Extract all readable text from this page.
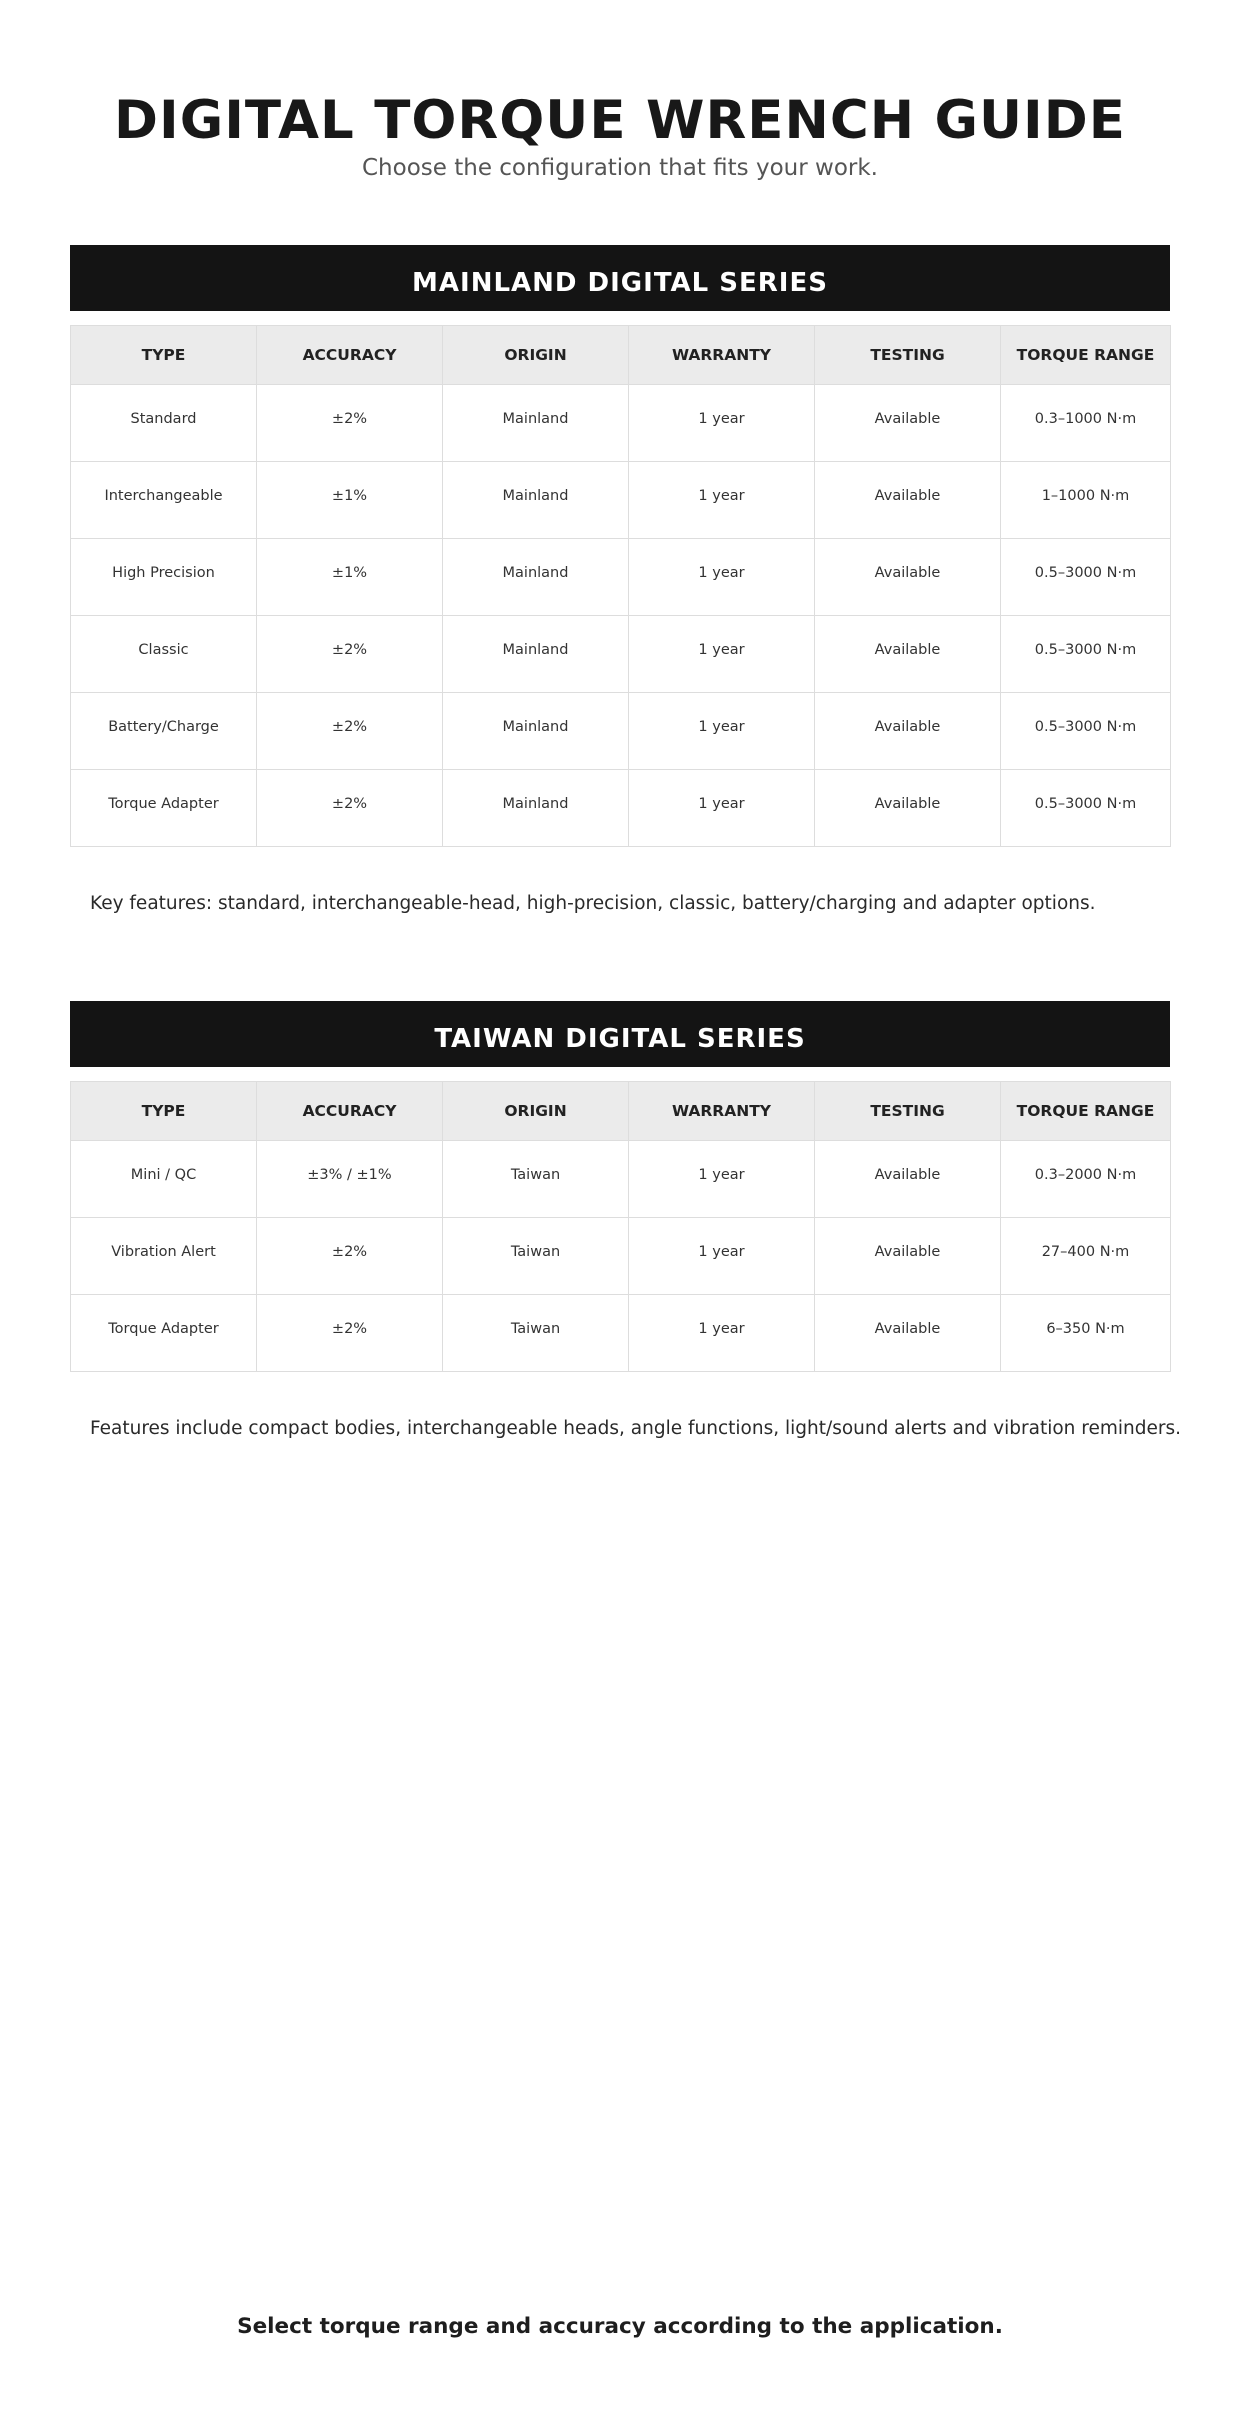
DIGITAL TORQUE WRENCH GUIDE

Choose the configuration that fits your work.

MAINLAND DIGITAL SERIES
TYPE	ACCURACY	ORIGIN	WARRANTY	TESTING	TORQUE RANGE
Standard	±2%	Mainland	1 year	Available	0.3–1000 N·m
Interchangeable	±1%	Mainland	1 year	Available	1–1000 N·m
High Precision	±1%	Mainland	1 year	Available	0.5–3000 N·m
Classic	±2%	Mainland	1 year	Available	0.5–3000 N·m
Battery/Charge	±2%	Mainland	1 year	Available	0.5–3000 N·m
Torque Adapter	±2%	Mainland	1 year	Available	0.5–3000 N·m

Key features: standard, interchangeable-head, high-precision, classic, battery/charging and adapter options.

TAIWAN DIGITAL SERIES
TYPE	ACCURACY	ORIGIN	WARRANTY	TESTING	TORQUE RANGE
Mini / QC	±3% / ±1%	Taiwan	1 year	Available	0.3–2000 N·m
Vibration Alert	±2%	Taiwan	1 year	Available	27–400 N·m
Torque Adapter	±2%	Taiwan	1 year	Available	6–350 N·m

Features include compact bodies, interchangeable heads, angle functions, light/sound alerts and vibration reminders.

Select torque range and accuracy according to the application.
